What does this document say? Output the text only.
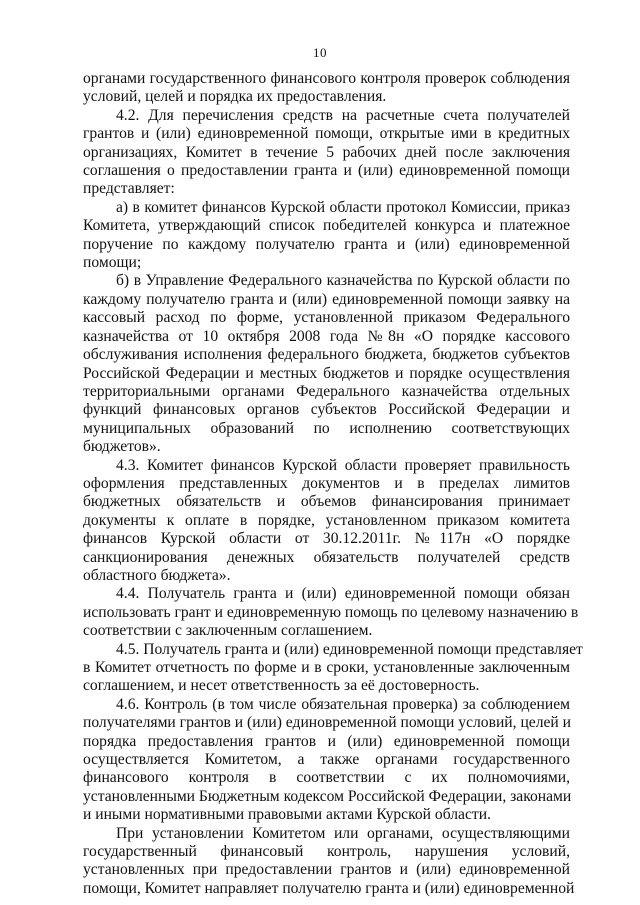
10
органами государственного финансового контроля проверок соблюдения
условий, целей и порядка их предоставления.
4.2. Для перечисления средств на расчетные счета получателей
грантов и (или) единовременной помощи, открытые ими в кредитных
организациях, Комитет в течение 5 рабочих дней после заключения
соглашения о предоставлении гранта и (или) единовременной помощи
представляет:
а) в комитет финансов Курской области протокол Комиссии, приказ
Комитета, утверждающий список победителей конкурса и платежное
поручение по каждому получателю гранта и (или) единовременной
помощи;
б) в Управление Федерального казначейства по Курской области по
каждому получателю гранта и (или) единовременной помощи заявку на
кассовый расход по форме, установленной приказом Федерального
казначейства от 10 октября 2008 года №8н «О порядке кассового
обслуживания исполнения федерального бюджета, бюджетов субъектов
Российской Федерации и местных бюджетов и порядке осуществления
территориальными органами Федерального казначейства отдельных
функций финансовых органов субъектов Российской Федерации и
муниципальных образований по исполнению соответствующих
бюджетов».
4.3. Комитет финансов Курской области проверяет правильность
оформления представленных документов и в пределах лимитов
бюджетных обязательств и объемов финансирования принимает
документы к оплате в порядке, установленном приказом комитета
финансов Курской области от 30.12.2011г. №117н «О порядке
санкционирования денежных обязательств получателей средств
областного бюджета».
4.4. Получатель гранта и (или) единовременной помощи обязан
использовать грант и единовременную помощь по целевому назначению в
соответствии с заключенным соглашением.
4.5. Получатель гранта и (или) единовременной помощи представляет
в Комитет отчетность по форме и в сроки, установленные заключенным
соглашением, и несет ответственность за её достоверность.
4.6. Контроль (в том числе обязательная проверка) за соблюдением
получателями грантов и (или) единовременной помощи условий, целей и
порядка предоставления грантов и (или) единовременной помощи
осуществляется Комитетом, а также органами государственного
финансового контроля в соответствии с их полномочиями,
установленными Бюджетным кодексом Российской Федерации, законами
и иными нормативными правовыми актами Курской области.
При установлении Комитетом или органами, осуществляющими
государственный финансовый контроль, нарушения условий,
установленных при предоставлении грантов и (или) единовременной
помощи, Комитет направляет получателю гранта и (или) единовременной
